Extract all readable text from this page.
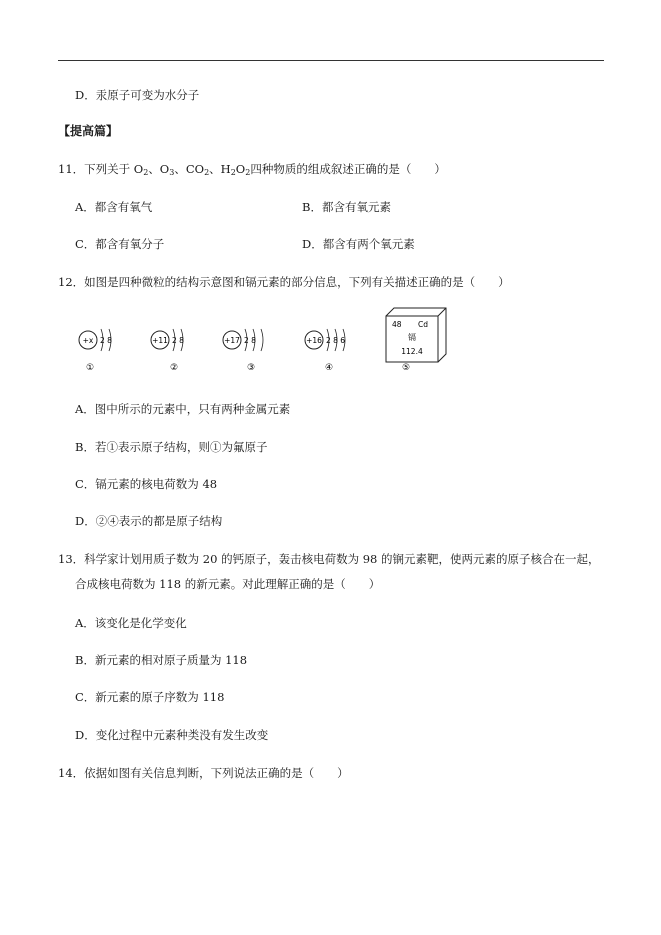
D．汞原子可变为水分子
【提高篇】
11．下列关于 $O_2$、$O_3$、$CO_2$、$H_2O_2$四种物质的组成叙述正确的是（　　）
A．都含有氧气	B．都含有氧元素
C．都含有氧分子	D．都含有两个氧元素
12．如图是四种微粒的结构示意图和镉元素的部分信息，下列有关描述正确的是（　　）
+x 2 8
①
+11 2 8
②
+17 2 8
③
+16 2 8 6
④
48 Cd
镉
112.4
⑤
A．图中所示的元素中，只有两种金属元素
B．若①表示原子结构，则①为氟原子
C．镉元素的核电荷数为 48
D．②④表示的都是原子结构
13．科学家计划用质子数为 20 的钙原子，轰击核电荷数为 98 的锎元素靶，使两元素的原子核合在一起，
合成核电荷数为 118 的新元素。对此理解正确的是（　　）
A．该变化是化学变化
B．新元素的相对原子质量为 118
C．新元素的原子序数为 118
D．变化过程中元素种类没有发生改变
14．依据如图有关信息判断，下列说法正确的是（　　）
